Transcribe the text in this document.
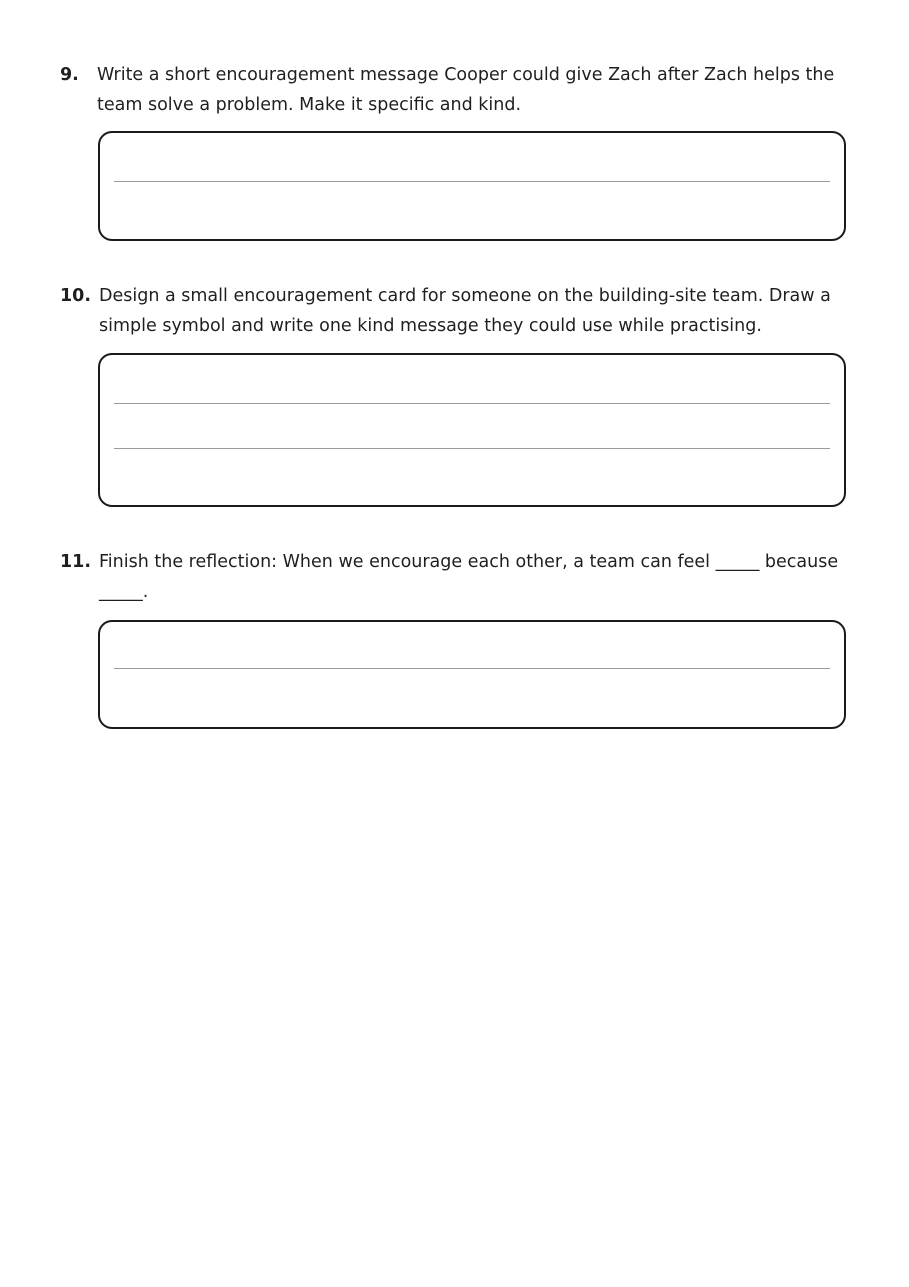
9.	Write a short encouragement message Cooper could give Zach after Zach helps the team solve a problem. Make it specific and kind.
10. Design a small encouragement card for someone on the building-site team. Draw a simple symbol and write one kind message they could use while practising.
11. Finish the reflection: When we encourage each other, a team can feel _____ because _____.
